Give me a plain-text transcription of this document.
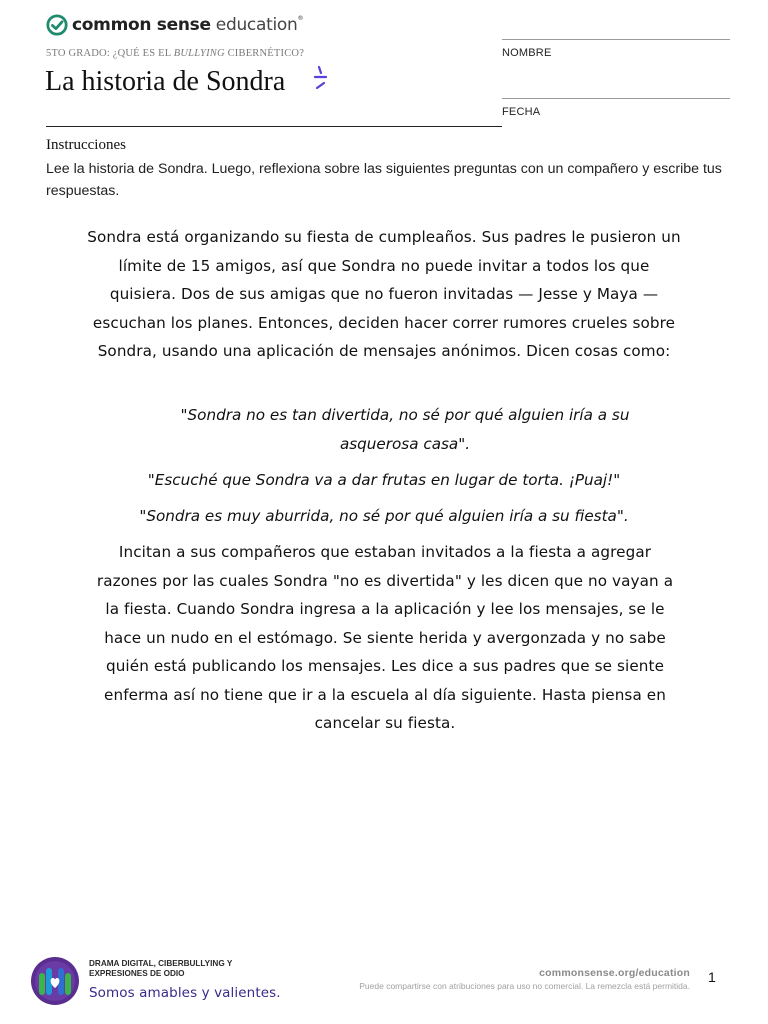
common sense education®
5TO GRADO: ¿QUÉ ES EL BULLYING CIBERNÉTICO?
La historia de Sondra
NOMBRE
FECHA
Instrucciones

Lee la historia de Sondra. Luego, reflexiona sobre las siguientes preguntas con un compañero y escribe tus respuestas.

Sondra está organizando su fiesta de cumpleaños. Sus padres le pusieron un límite de 15 amigos, así que Sondra no puede invitar a todos los que quisiera. Dos de sus amigas que no fueron invitadas — Jesse y Maya — escuchan los planes. Entonces, deciden hacer correr rumores crueles sobre Sondra, usando una aplicación de mensajes anónimos. Dicen cosas como:

"Sondra no es tan divertida, no sé por qué alguien iría a su asquerosa casa".

"Escuché que Sondra va a dar frutas en lugar de torta. ¡Puaj!"

"Sondra es muy aburrida, no sé por qué alguien iría a su fiesta".

Incitan a sus compañeros que estaban invitados a la fiesta a agregar razones por las cuales Sondra "no es divertida" y les dicen que no vayan a la fiesta. Cuando Sondra ingresa a la aplicación y lee los mensajes, se le hace un nudo en el estómago. Se siente herida y avergonzada y no sabe quién está publicando los mensajes. Les dice a sus padres que se siente enferma así no tiene que ir a la escuela al día siguiente. Hasta piensa en cancelar su fiesta.

DRAMA DIGITAL, CIBERBULLYING Y EXPRESIONES DE ODIO
Somos amables y valientes.
commonsense.org/education
Puede compartirse con atribuciones para uso no comercial. La remezcla está permitida.
1
